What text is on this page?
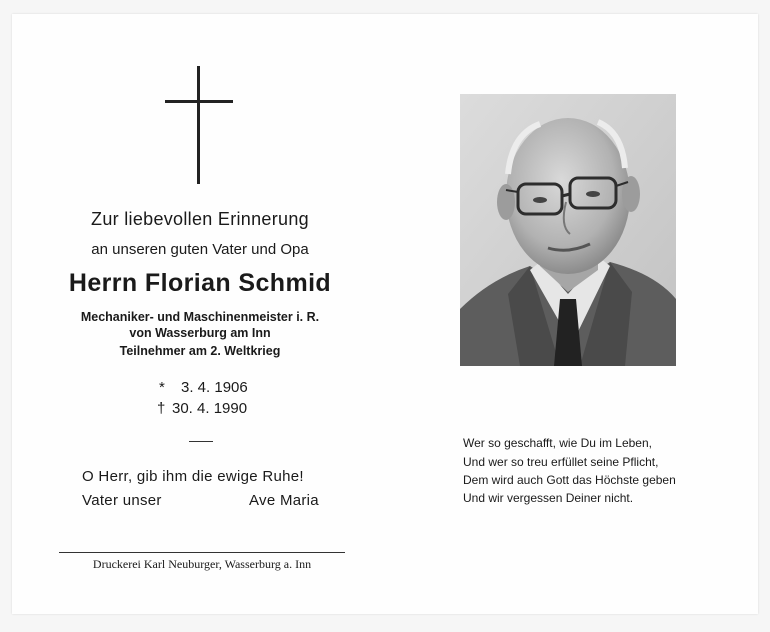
Zur liebevollen Erinnerung
an unseren guten Vater und Opa
Herrn Florian Schmid
Mechaniker- und Maschinenmeister i. R.
von Wasserburg am Inn
Teilnehmer am 2. Weltkrieg
* 3. 4. 1906
† 30. 4. 1990
O Herr, gib ihm die ewige Ruhe!
Vater unser	Ave Maria
Druckerei Karl Neuburger, Wasserburg a. Inn
Wer so geschafft, wie Du im Leben,
Und wer so treu erfüllet seine Pflicht,
Dem wird auch Gott das Höchste geben
Und wir vergessen Deiner nicht.
